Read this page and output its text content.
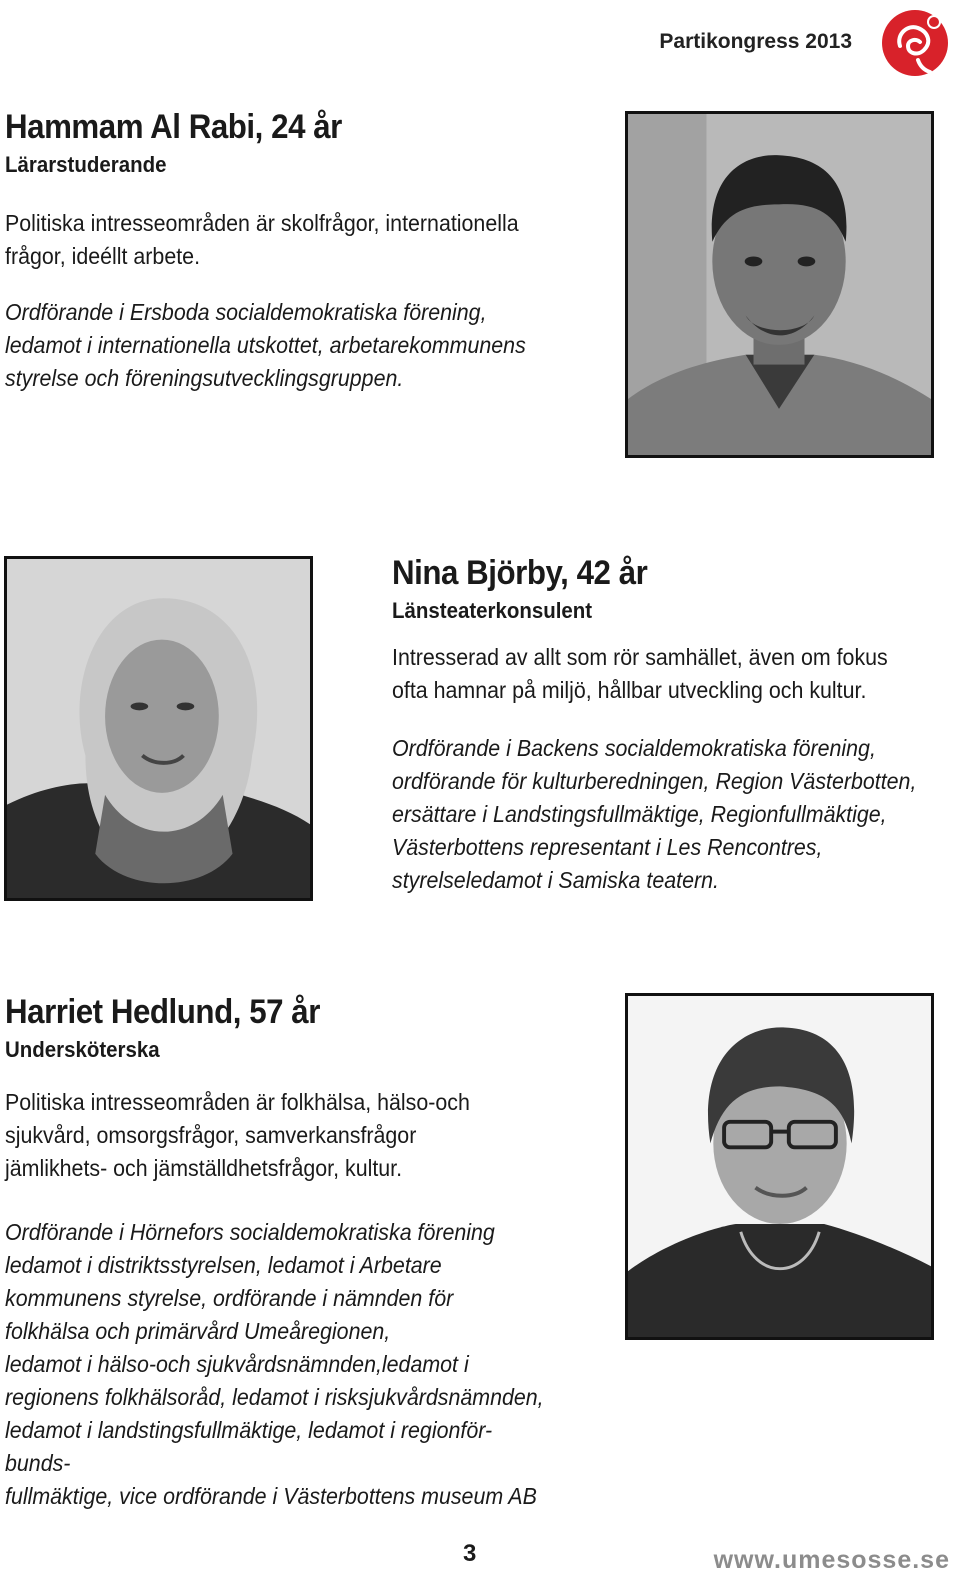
Partikongress 2013
Hammam Al Rabi, 24 år
Lärarstuderande
Politiska intresseområden är skolfrågor, internationella
frågor, ideéllt arbete.
Ordförande i Ersboda socialdemokratiska förening,
ledamot i internationella utskottet, arbetarekommunens
styrelse och föreningsutvecklingsgruppen.
Nina Björby, 42 år
Länsteaterkonsulent
Intresserad av allt som rör samhället, även om fokus
ofta hamnar på miljö, hållbar utveckling och kultur.
Ordförande i Backens socialdemokratiska förening,
ordförande för kulturberedningen, Region Västerbotten,
ersättare i Landstingsfullmäktige, Regionfullmäktige,
Västerbottens representant i Les Rencontres,
styrelseledamot i Samiska teatern.
Harriet Hedlund, 57 år
Undersköterska
Politiska intresseområden är folkhälsa, hälso-och
sjukvård, omsorgsfrågor, samverkansfrågor
jämlikhets- och jämställdhetsfrågor, kultur.
Ordförande i Hörnefors socialdemokratiska förening
ledamot i distriktsstyrelsen, ledamot i Arbetare
kommunens styrelse, ordförande i nämnden för
folkhälsa och primärvård Umeåregionen,
ledamot i hälso-och sjukvårdsnämnden,ledamot i
regionens folkhälsoråd, ledamot i risksjukvårdsnämnden,
ledamot i landstingsfullmäktige, ledamot i regionför-
bunds-
fullmäktige, vice ordförande i Västerbottens museum AB
3	www.umesosse.se
